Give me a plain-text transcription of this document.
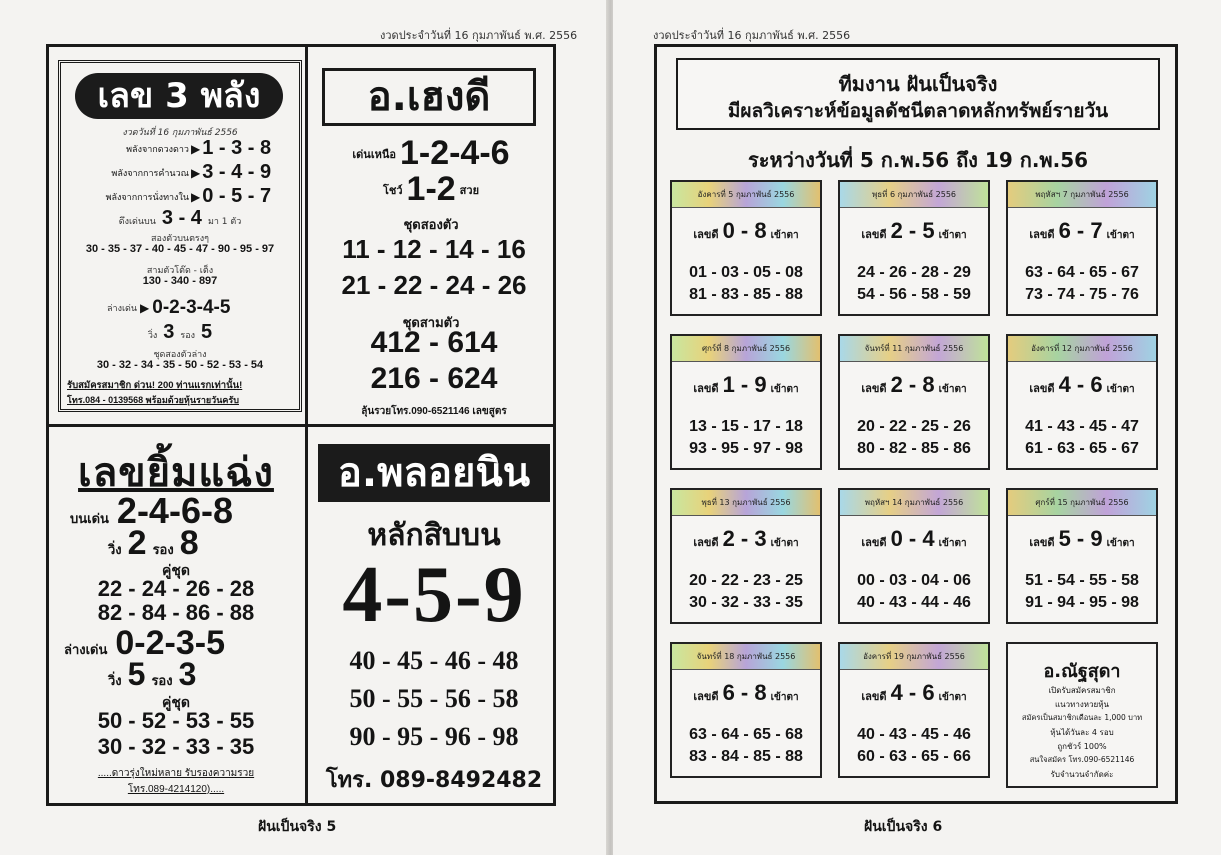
งวดประจำวันที่ 16 กุมภาพันธ์ พ.ศ. 2556	งวดประจำวันที่ 16 กุมภาพันธ์ พ.ศ. 2556
เลข 3 พลัง
งวดวันที่ 16 กุมภาพันธ์ 2556
พลังจากดวงดาว ▶ 1 - 3 - 8
พลังจากการคำนวณ ▶ 3 - 4 - 9
พลังจากการนั่งทางใน ▶ 0 - 5 - 7
ดึงเด่นบน 3 - 4 มา 1 ตัว
สองตัวบนตรงๆ
30 - 35 - 37 - 40 - 45 - 47 - 90 - 95 - 97
สามตัวโต๊ด - เต็ง
130 - 340 - 897
ล่างเด่น ▶ 0-2-3-4-5
วิ่ง 3 รอง 5
ชุดสองตัวล่าง
30 - 32 - 34 - 35 - 50 - 52 - 53 - 54
รับสมัครสมาชิก ด่วน! 200 ท่านแรกเท่านั้น!
โทร.084 - 0139568 พร้อมด้วยหุ้นรายวันครับ
อ.เฮงดี
เด่นเหนือ 1-2-4-6
โชว์ 1-2 สวย
ชุดสองตัว
11 - 12 - 14 - 16
21 - 22 - 24 - 26
ชุดสามตัว
412 - 614
216 - 624
ลุ้นรวยโทร.090-6521146 เลขสูตร
เลขยิ้มแฉ่ง
บนเด่น 2-4-6-8
วิ่ง 2 รอง 8
คู่ชุด
22 - 24 - 26 - 28
82 - 84 - 86 - 88
ล่างเด่น 0-2-3-5
วิ่ง 5 รอง 3
คู่ชุด
50 - 52 - 53 - 55
30 - 32 - 33 - 35
.....ดาวรุ่งใหม่หลาย รับรองความรวย
โทร.089-4214120).....
อ.พลอยนิน
หลักสิบบน
4-5-9
40 - 45 - 46 - 48
50 - 55 - 56 - 58
90 - 95 - 96 - 98
โทร. 089-8492482
ฝันเป็นจริง 5
ทีมงาน ฝันเป็นจริง
มีผลวิเคราะห์ข้อมูลดัชนีตลาดหลักทรัพย์รายวัน
ระหว่างวันที่ 5 ก.พ.56 ถึง 19 ก.พ.56
อังคารที่ 5 กุมภาพันธ์ 2556
เลขดี 0 - 8 เข้าตา
01 - 03 - 05 - 08
81 - 83 - 85 - 88
พุธที่ 6 กุมภาพันธ์ 2556
เลขดี 2 - 5 เข้าตา
24 - 26 - 28 - 29
54 - 56 - 58 - 59
พฤหัสฯ 7 กุมภาพันธ์ 2556
เลขดี 6 - 7 เข้าตา
63 - 64 - 65 - 67
73 - 74 - 75 - 76
ศุกร์ที่ 8 กุมภาพันธ์ 2556
เลขดี 1 - 9 เข้าตา
13 - 15 - 17 - 18
93 - 95 - 97 - 98
จันทร์ที่ 11 กุมภาพันธ์ 2556
เลขดี 2 - 8 เข้าตา
20 - 22 - 25 - 26
80 - 82 - 85 - 86
อังคารที่ 12 กุมภาพันธ์ 2556
เลขดี 4 - 6 เข้าตา
41 - 43 - 45 - 47
61 - 63 - 65 - 67
พุธที่ 13 กุมภาพันธ์ 2556
เลขดี 2 - 3 เข้าตา
20 - 22 - 23 - 25
30 - 32 - 33 - 35
พฤหัสฯ 14 กุมภาพันธ์ 2556
เลขดี 0 - 4 เข้าตา
00 - 03 - 04 - 06
40 - 43 - 44 - 46
ศุกร์ที่ 15 กุมภาพันธ์ 2556
เลขดี 5 - 9 เข้าตา
51 - 54 - 55 - 58
91 - 94 - 95 - 98
จันทร์ที่ 18 กุมภาพันธ์ 2556
เลขดี 6 - 8 เข้าตา
63 - 64 - 65 - 68
83 - 84 - 85 - 88
อังคารที่ 19 กุมภาพันธ์ 2556
เลขดี 4 - 6 เข้าตา
40 - 43 - 45 - 46
60 - 63 - 65 - 66
อ.ณัฐสุดา
เปิดรับสมัครสมาชิก
แนวทางหวยหุ้น
สมัครเป็นสมาชิกเดือนละ 1,000 บาท
หุ้นได้วันละ 4 รอบ
ถูกชัวร์ 100%
สนใจสมัคร โทร.090-6521146
รับจำนวนจำกัดค่ะ
ฝันเป็นจริง 6
